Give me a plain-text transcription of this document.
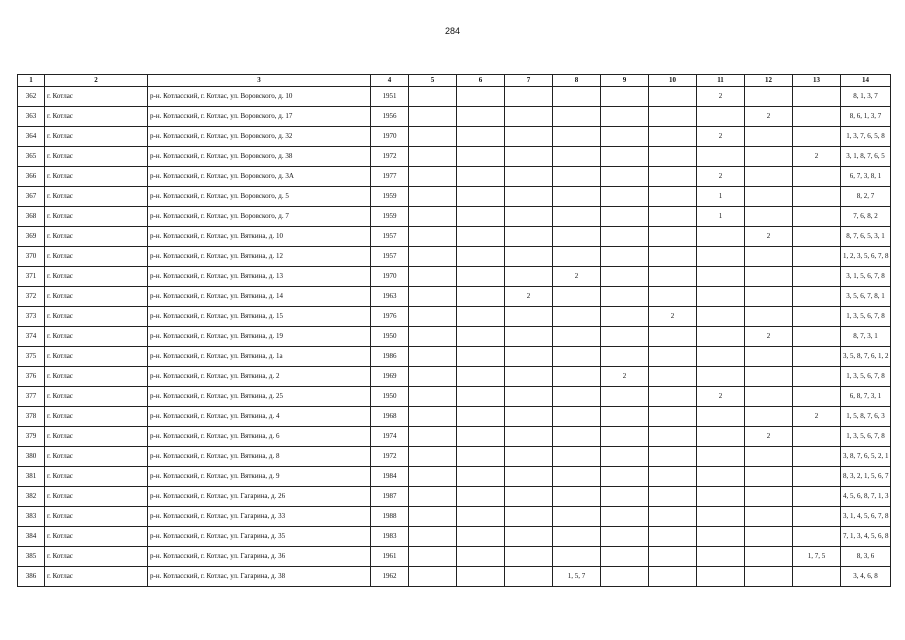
284
1	2	3	4	5	6	7	8	9	10	11	12	13	14
362	г. Котлас	р-н. Котласский, г. Котлас, ул. Воровского, д. 10	1951							2			8, 1, 3, 7
363	г. Котлас	р-н. Котласский, г. Котлас, ул. Воровского, д. 17	1956								2		8, 6, 1, 3, 7
364	г. Котлас	р-н. Котласский, г. Котлас, ул. Воровского, д. 32	1970							2			1, 3, 7, 6, 5, 8
365	г. Котлас	р-н. Котласский, г. Котлас, ул. Воровского, д. 38	1972									2	3, 1, 8, 7, 6, 5
366	г. Котлас	р-н. Котласский, г. Котлас, ул. Воровского, д. 3А	1977							2			6, 7, 3, 8, 1
367	г. Котлас	р-н. Котласский, г. Котлас, ул. Воровского, д. 5	1959							1			8, 2, 7
368	г. Котлас	р-н. Котласский, г. Котлас, ул. Воровского, д. 7	1959							1			7, 6, 8, 2
369	г. Котлас	р-н. Котласский, г. Котлас, ул. Вяткина, д. 10	1957								2		8, 7, 6, 5, 3, 1
370	г. Котлас	р-н. Котласский, г. Котлас, ул. Вяткина, д. 12	1957										1, 2, 3, 5, 6, 7, 8
371	г. Котлас	р-н. Котласский, г. Котлас, ул. Вяткина, д. 13	1970				2						3, 1, 5, 6, 7, 8
372	г. Котлас	р-н. Котласский, г. Котлас, ул. Вяткина, д. 14	1963			2							3, 5, 6, 7, 8, 1
373	г. Котлас	р-н. Котласский, г. Котлас, ул. Вяткина, д. 15	1976						2				1, 3, 5, 6, 7, 8
374	г. Котлас	р-н. Котласский, г. Котлас, ул. Вяткина, д. 19	1950								2		8, 7, 3, 1
375	г. Котлас	р-н. Котласский, г. Котлас, ул. Вяткина, д. 1а	1986										3, 5, 8, 7, 6, 1, 2
376	г. Котлас	р-н. Котласский, г. Котлас, ул. Вяткина, д. 2	1969					2					1, 3, 5, 6, 7, 8
377	г. Котлас	р-н. Котласский, г. Котлас, ул. Вяткина, д. 25	1950							2			6, 8, 7, 3, 1
378	г. Котлас	р-н. Котласский, г. Котлас, ул. Вяткина, д. 4	1968									2	1, 5, 8, 7, 6, 3
379	г. Котлас	р-н. Котласский, г. Котлас, ул. Вяткина, д. 6	1974								2		1, 3, 5, 6, 7, 8
380	г. Котлас	р-н. Котласский, г. Котлас, ул. Вяткина, д. 8	1972										3, 8, 7, 6, 5, 2, 1
381	г. Котлас	р-н. Котласский, г. Котлас, ул. Вяткина, д. 9	1984										8, 3, 2, 1, 5, 6, 7
382	г. Котлас	р-н. Котласский, г. Котлас, ул. Гагарина, д. 26	1987										4, 5, 6, 8, 7, 1, 3
383	г. Котлас	р-н. Котласский, г. Котлас, ул. Гагарина, д. 33	1988										3, 1, 4, 5, 6, 7, 8
384	г. Котлас	р-н. Котласский, г. Котлас, ул. Гагарина, д. 35	1983										7, 1, 3, 4, 5, 6, 8
385	г. Котлас	р-н. Котласский, г. Котлас, ул. Гагарина, д. 36	1961									1, 7, 5	8, 3, 6
386	г. Котлас	р-н. Котласский, г. Котлас, ул. Гагарина, д. 38	1962				1, 5, 7						3, 4, 6, 8
